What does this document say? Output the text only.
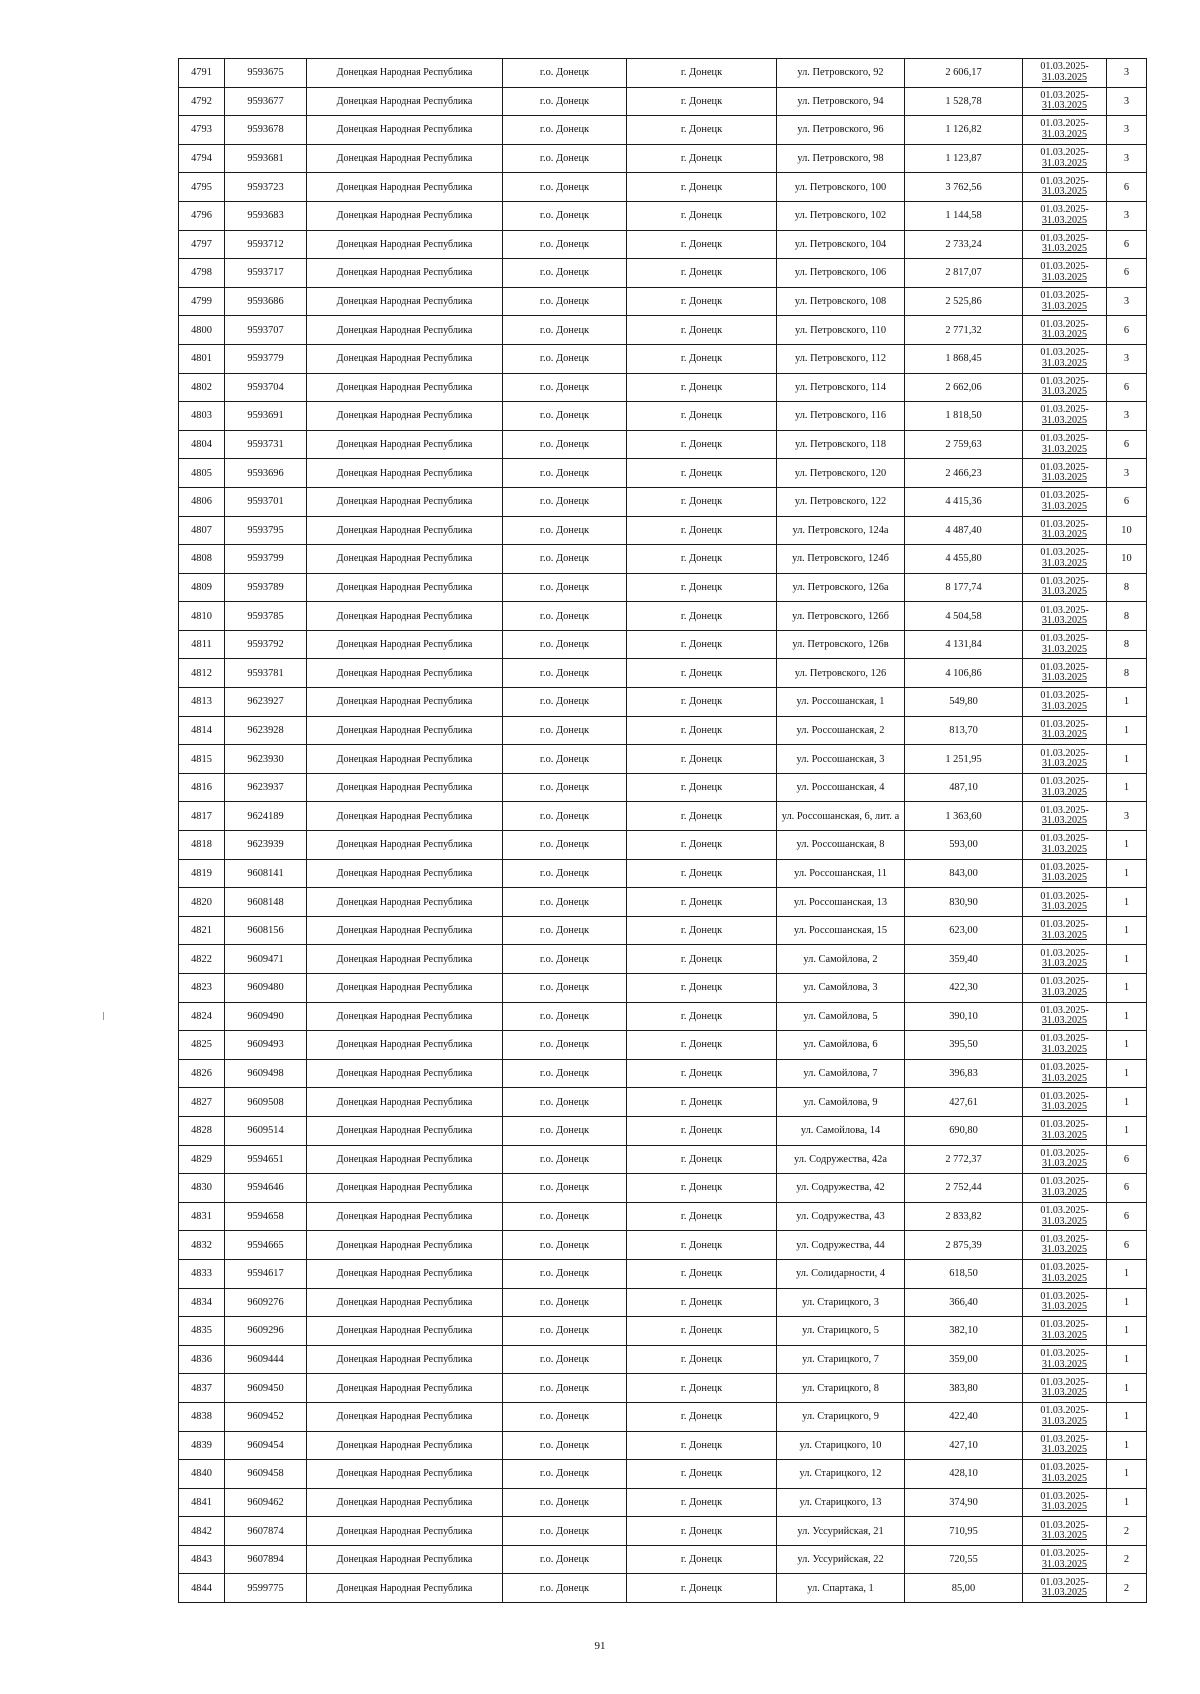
4791	9593675	Донецкая Народная Республика	г.о. Донецк	г. Донецк	ул. Петровского, 92	2 606,17	01.03.2025-
31.03.2025	3
4792	9593677	Донецкая Народная Республика	г.о. Донецк	г. Донецк	ул. Петровского, 94	1 528,78	01.03.2025-
31.03.2025	3
4793	9593678	Донецкая Народная Республика	г.о. Донецк	г. Донецк	ул. Петровского, 96	1 126,82	01.03.2025-
31.03.2025	3
4794	9593681	Донецкая Народная Республика	г.о. Донецк	г. Донецк	ул. Петровского, 98	1 123,87	01.03.2025-
31.03.2025	3
4795	9593723	Донецкая Народная Республика	г.о. Донецк	г. Донецк	ул. Петровского, 100	3 762,56	01.03.2025-
31.03.2025	6
4796	9593683	Донецкая Народная Республика	г.о. Донецк	г. Донецк	ул. Петровского, 102	1 144,58	01.03.2025-
31.03.2025	3
4797	9593712	Донецкая Народная Республика	г.о. Донецк	г. Донецк	ул. Петровского, 104	2 733,24	01.03.2025-
31.03.2025	6
4798	9593717	Донецкая Народная Республика	г.о. Донецк	г. Донецк	ул. Петровского, 106	2 817,07	01.03.2025-
31.03.2025	6
4799	9593686	Донецкая Народная Республика	г.о. Донецк	г. Донецк	ул. Петровского, 108	2 525,86	01.03.2025-
31.03.2025	3
4800	9593707	Донецкая Народная Республика	г.о. Донецк	г. Донецк	ул. Петровского, 110	2 771,32	01.03.2025-
31.03.2025	6
4801	9593779	Донецкая Народная Республика	г.о. Донецк	г. Донецк	ул. Петровского, 112	1 868,45	01.03.2025-
31.03.2025	3
4802	9593704	Донецкая Народная Республика	г.о. Донецк	г. Донецк	ул. Петровского, 114	2 662,06	01.03.2025-
31.03.2025	6
4803	9593691	Донецкая Народная Республика	г.о. Донецк	г. Донецк	ул. Петровского, 116	1 818,50	01.03.2025-
31.03.2025	3
4804	9593731	Донецкая Народная Республика	г.о. Донецк	г. Донецк	ул. Петровского, 118	2 759,63	01.03.2025-
31.03.2025	6
4805	9593696	Донецкая Народная Республика	г.о. Донецк	г. Донецк	ул. Петровского, 120	2 466,23	01.03.2025-
31.03.2025	3
4806	9593701	Донецкая Народная Республика	г.о. Донецк	г. Донецк	ул. Петровского, 122	4 415,36	01.03.2025-
31.03.2025	6
4807	9593795	Донецкая Народная Республика	г.о. Донецк	г. Донецк	ул. Петровского, 124а	4 487,40	01.03.2025-
31.03.2025	10
4808	9593799	Донецкая Народная Республика	г.о. Донецк	г. Донецк	ул. Петровского, 124б	4 455,80	01.03.2025-
31.03.2025	10
4809	9593789	Донецкая Народная Республика	г.о. Донецк	г. Донецк	ул. Петровского, 126а	8 177,74	01.03.2025-
31.03.2025	8
4810	9593785	Донецкая Народная Республика	г.о. Донецк	г. Донецк	ул. Петровского, 126б	4 504,58	01.03.2025-
31.03.2025	8
4811	9593792	Донецкая Народная Республика	г.о. Донецк	г. Донецк	ул. Петровского, 126в	4 131,84	01.03.2025-
31.03.2025	8
4812	9593781	Донецкая Народная Республика	г.о. Донецк	г. Донецк	ул. Петровского, 126	4 106,86	01.03.2025-
31.03.2025	8
4813	9623927	Донецкая Народная Республика	г.о. Донецк	г. Донецк	ул. Россошанская, 1	549,80	01.03.2025-
31.03.2025	1
4814	9623928	Донецкая Народная Республика	г.о. Донецк	г. Донецк	ул. Россошанская, 2	813,70	01.03.2025-
31.03.2025	1
4815	9623930	Донецкая Народная Республика	г.о. Донецк	г. Донецк	ул. Россошанская, 3	1 251,95	01.03.2025-
31.03.2025	1
4816	9623937	Донецкая Народная Республика	г.о. Донецк	г. Донецк	ул. Россошанская, 4	487,10	01.03.2025-
31.03.2025	1
4817	9624189	Донецкая Народная Республика	г.о. Донецк	г. Донецк	ул. Россошанская, 6, лит. а	1 363,60	01.03.2025-
31.03.2025	3
4818	9623939	Донецкая Народная Республика	г.о. Донецк	г. Донецк	ул. Россошанская, 8	593,00	01.03.2025-
31.03.2025	1
4819	9608141	Донецкая Народная Республика	г.о. Донецк	г. Донецк	ул. Россошанская, 11	843,00	01.03.2025-
31.03.2025	1
4820	9608148	Донецкая Народная Республика	г.о. Донецк	г. Донецк	ул. Россошанская, 13	830,90	01.03.2025-
31.03.2025	1
4821	9608156	Донецкая Народная Республика	г.о. Донецк	г. Донецк	ул. Россошанская, 15	623,00	01.03.2025-
31.03.2025	1
4822	9609471	Донецкая Народная Республика	г.о. Донецк	г. Донецк	ул. Самойлова, 2	359,40	01.03.2025-
31.03.2025	1
4823	9609480	Донецкая Народная Республика	г.о. Донецк	г. Донецк	ул. Самойлова, 3	422,30	01.03.2025-
31.03.2025	1
4824	9609490	Донецкая Народная Республика	г.о. Донецк	г. Донецк	ул. Самойлова, 5	390,10	01.03.2025-
31.03.2025	1
4825	9609493	Донецкая Народная Республика	г.о. Донецк	г. Донецк	ул. Самойлова, 6	395,50	01.03.2025-
31.03.2025	1
4826	9609498	Донецкая Народная Республика	г.о. Донецк	г. Донецк	ул. Самойлова, 7	396,83	01.03.2025-
31.03.2025	1
4827	9609508	Донецкая Народная Республика	г.о. Донецк	г. Донецк	ул. Самойлова, 9	427,61	01.03.2025-
31.03.2025	1
4828	9609514	Донецкая Народная Республика	г.о. Донецк	г. Донецк	ул. Самойлова, 14	690,80	01.03.2025-
31.03.2025	1
4829	9594651	Донецкая Народная Республика	г.о. Донецк	г. Донецк	ул. Содружества, 42а	2 772,37	01.03.2025-
31.03.2025	6
4830	9594646	Донецкая Народная Республика	г.о. Донецк	г. Донецк	ул. Содружества, 42	2 752,44	01.03.2025-
31.03.2025	6
4831	9594658	Донецкая Народная Республика	г.о. Донецк	г. Донецк	ул. Содружества, 43	2 833,82	01.03.2025-
31.03.2025	6
4832	9594665	Донецкая Народная Республика	г.о. Донецк	г. Донецк	ул. Содружества, 44	2 875,39	01.03.2025-
31.03.2025	6
4833	9594617	Донецкая Народная Республика	г.о. Донецк	г. Донецк	ул. Солидарности, 4	618,50	01.03.2025-
31.03.2025	1
4834	9609276	Донецкая Народная Республика	г.о. Донецк	г. Донецк	ул. Старицкого, 3	366,40	01.03.2025-
31.03.2025	1
4835	9609296	Донецкая Народная Республика	г.о. Донецк	г. Донецк	ул. Старицкого, 5	382,10	01.03.2025-
31.03.2025	1
4836	9609444	Донецкая Народная Республика	г.о. Донецк	г. Донецк	ул. Старицкого, 7	359,00	01.03.2025-
31.03.2025	1
4837	9609450	Донецкая Народная Республика	г.о. Донецк	г. Донецк	ул. Старицкого, 8	383,80	01.03.2025-
31.03.2025	1
4838	9609452	Донецкая Народная Республика	г.о. Донецк	г. Донецк	ул. Старицкого, 9	422,40	01.03.2025-
31.03.2025	1
4839	9609454	Донецкая Народная Республика	г.о. Донецк	г. Донецк	ул. Старицкого, 10	427,10	01.03.2025-
31.03.2025	1
4840	9609458	Донецкая Народная Республика	г.о. Донецк	г. Донецк	ул. Старицкого, 12	428,10	01.03.2025-
31.03.2025	1
4841	9609462	Донецкая Народная Республика	г.о. Донецк	г. Донецк	ул. Старицкого, 13	374,90	01.03.2025-
31.03.2025	1
4842	9607874	Донецкая Народная Республика	г.о. Донецк	г. Донецк	ул. Уссурийская, 21	710,95	01.03.2025-
31.03.2025	2
4843	9607894	Донецкая Народная Республика	г.о. Донецк	г. Донецк	ул. Уссурийская, 22	720,55	01.03.2025-
31.03.2025	2
4844	9599775	Донецкая Народная Республика	г.о. Донецк	г. Донецк	ул. Спартака, 1	85,00	01.03.2025-
31.03.2025	2
91
